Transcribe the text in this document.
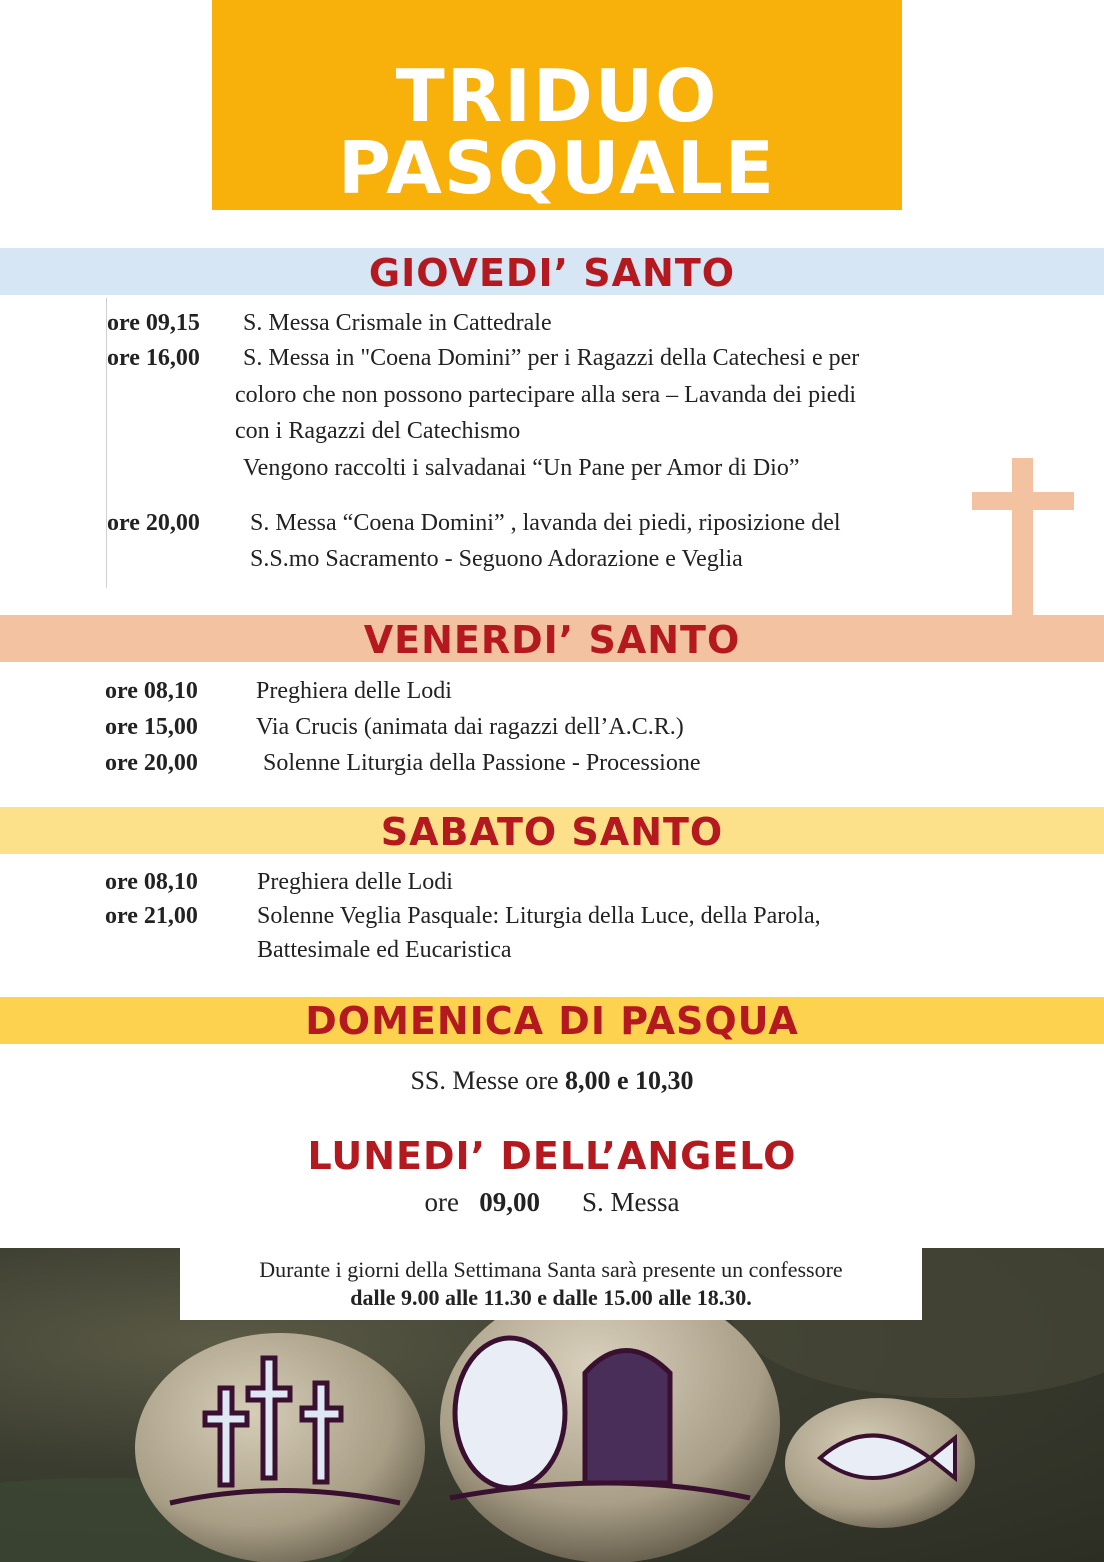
TRIDUO PASQUALE
GIOVEDI’ SANTO
ore 09,15 S. Messa Crismale in Cattedrale
ore 16,00 S. Messa in "Coena Domini” per i Ragazzi della Catechesi e per
coloro che non possono partecipare alla sera – Lavanda dei piedi
con i Ragazzi del Catechismo
Vengono raccolti i salvadanai “Un Pane per Amor di Dio”
ore 20,00 S. Messa “Coena Domini” , lavanda dei piedi, riposizione del
S.S.mo Sacramento - Seguono Adorazione e Veglia
VENERDI’ SANTO
ore 08,10 Preghiera delle Lodi
ore 15,00 Via Crucis (animata dai ragazzi dell’A.C.R.)
ore 20,00	Solenne Liturgia della Passione - Processione
SABATO SANTO
ore 08,10 Preghiera delle Lodi
ore 21,00 Solenne Veglia Pasquale: Liturgia della Luce, della Parola,
Battesimale ed Eucaristica
DOMENICA DI PASQUA
SS. Messe ore 8,00 e 10,30
LUNEDI’ DELL’ANGELO
ore   09,00 S. Messa
Durante i giorni della Settimana Santa sarà presente un confessore
dalle 9.00 alle 11.30 e dalle 15.00 alle 18.30.
